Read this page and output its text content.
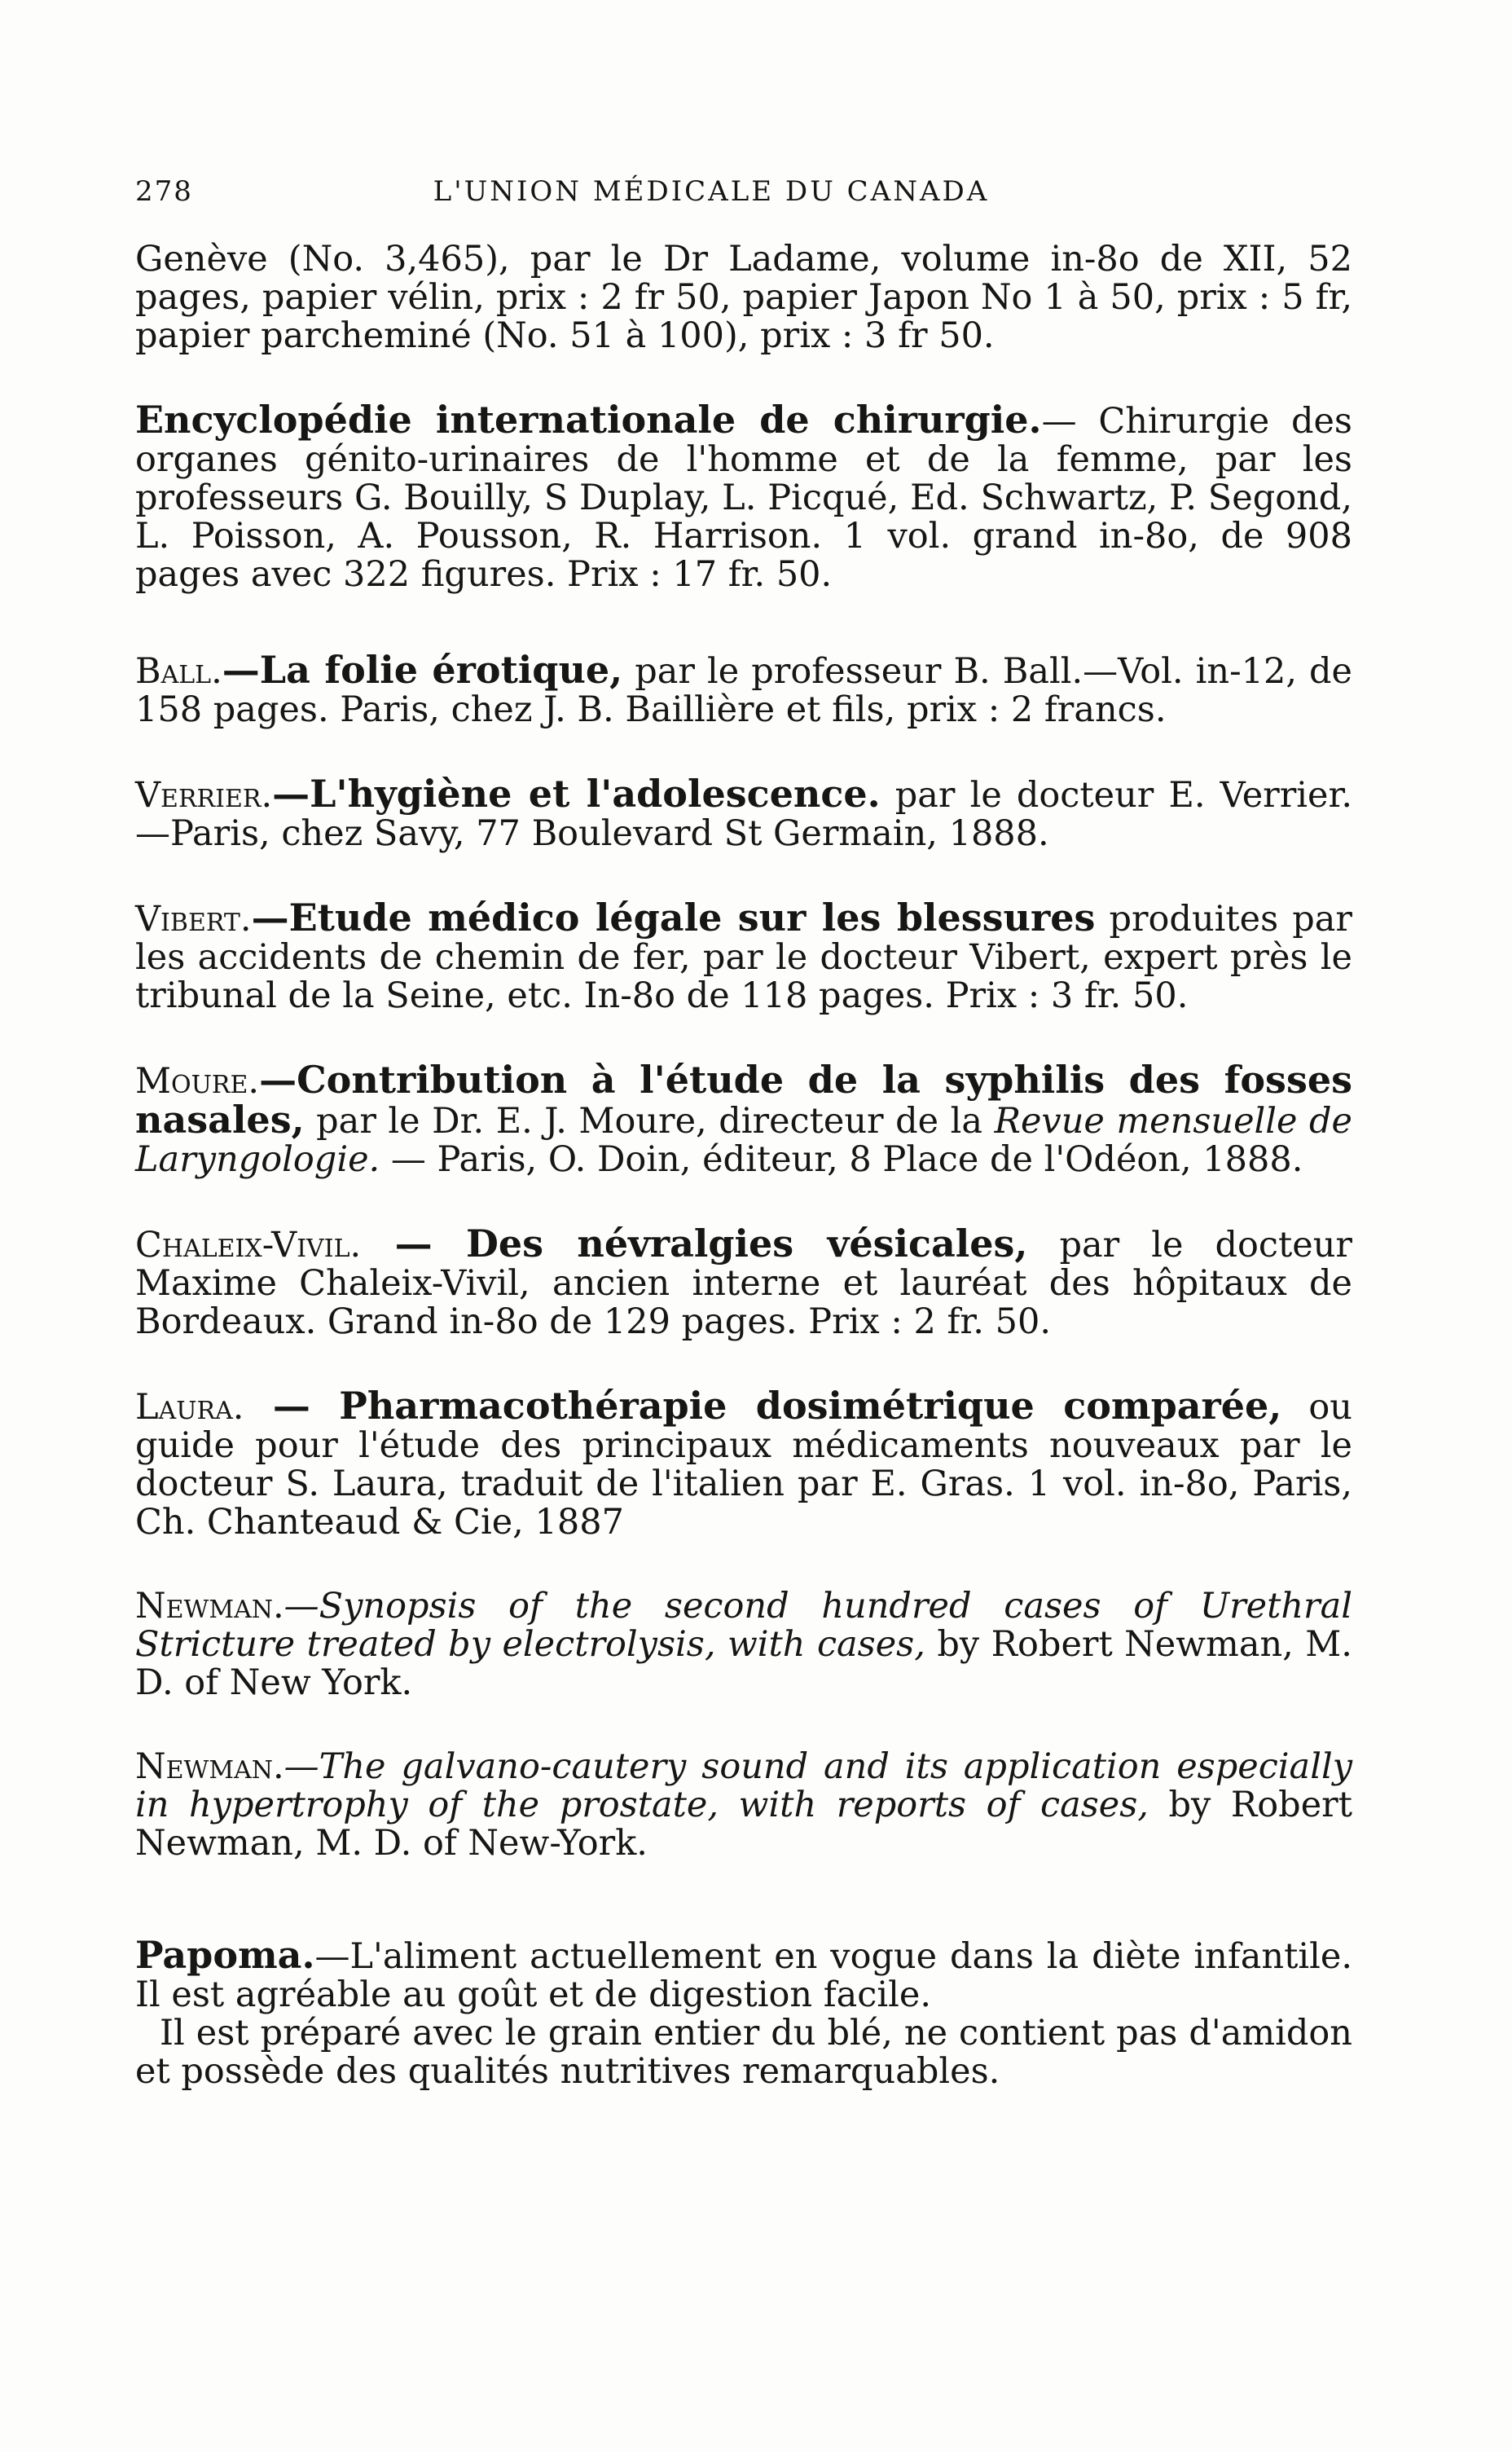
278	L'UNION MÉDICALE DU CANADA

Genève (No. 3,465), par le Dr Ladame, volume in-8o de XII, 52 pages, papier vélin, prix : 2 fr 50, papier Japon No 1 à 50, prix : 5 fr, papier parcheminé (No. 51 à 100), prix : 3 fr 50.

Encyclopédie internationale de chirurgie.— Chirurgie des organes génito-urinaires de l'homme et de la femme, par les professeurs G. Bouilly, S Duplay, L. Picqué, Ed. Schwartz, P. Segond, L. Poisson, A. Pousson, R. Harrison. 1 vol. grand in-8o, de 908 pages avec 322 figures. Prix : 17 fr. 50.

Ball.—La folie érotique, par le professeur B. Ball.—Vol. in-12, de 158 pages. Paris, chez J. B. Baillière et fils, prix : 2 francs.

Verrier.—L'hygiène et l'adolescence. par le docteur E. Verrier.—Paris, chez Savy, 77 Boulevard St Germain, 1888.

Vibert.—Etude médico légale sur les blessures produites par les accidents de chemin de fer, par le docteur Vibert, expert près le tribunal de la Seine, etc. In-8o de 118 pages. Prix : 3 fr. 50.

Moure.—Contribution à l'étude de la syphilis des fosses nasales, par le Dr. E. J. Moure, directeur de la Revue mensuelle de Laryngologie. — Paris, O. Doin, éditeur, 8 Place de l'Odéon, 1888.

Chaleix-Vivil. — Des névralgies vésicales, par le docteur Maxime Chaleix-Vivil, ancien interne et lauréat des hôpitaux de Bordeaux. Grand in-8o de 129 pages. Prix : 2 fr. 50.

Laura. — Pharmacothérapie dosimétrique comparée, ou guide pour l'étude des principaux médicaments nouveaux par le docteur S. Laura, traduit de l'italien par E. Gras. 1 vol. in-8o, Paris, Ch. Chanteaud & Cie, 1887

Newman.—Synopsis of the second hundred cases of Urethral Stricture treated by electrolysis, with cases, by Robert Newman, M. D. of New York.

Newman.—The galvano-cautery sound and its application especially in hypertrophy of the prostate, with reports of cases, by Robert Newman, M. D. of New-York.

Papoma.—L'aliment actuellement en vogue dans la diète infantile. Il est agréable au goût et de digestion facile.
Il est préparé avec le grain entier du blé, ne contient pas d'amidon et possède des qualités nutritives remarquables.
